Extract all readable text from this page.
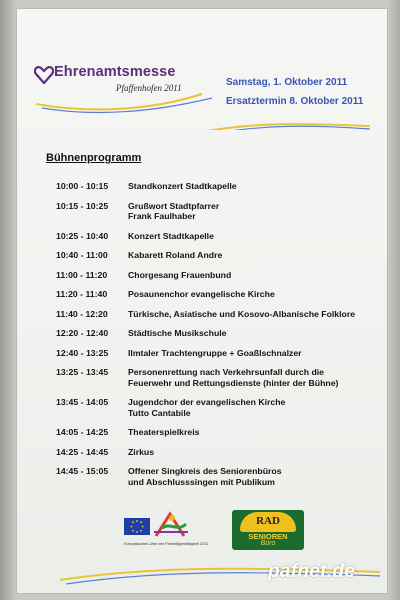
Ehrenamtsmesse
Pfaffenhofen 2011	Samstag, 1. Oktober 2011
Ersatztermin 8. Oktober 2011
Bühnenprogramm
10:00 - 10:15	Standkonzert Stadtkapelle
10:15 - 10:25	Grußwort Stadtpfarrer
Frank Faulhaber
10:25 - 10:40	Konzert Stadtkapelle
10:40 - 11:00	Kabarett Roland Andre
11:00 - 11:20	Chorgesang Frauenbund
11:20 - 11:40	Posaunenchor evangelische Kirche
11:40 - 12:20	Türkische, Asiatische und Kosovo-Albanische Folklore
12:20 - 12:40	Städtische Musikschule
12:40 - 13:25	Ilmtaler Trachtengruppe + Goaßlschnalzer
13:25 - 13:45	Personenrettung nach Verkehrsunfall durch die
Feuerwehr und Rettungsdienste (hinter der Bühne)
13:45 - 14:05	Jugendchor der evangelischen Kirche
Tutto Cantabile
14:05 - 14:25	Theaterspielkreis
14:25 - 14:45	Zirkus
14:45 - 15:05	Offener Singkreis des Seniorenbüros
und Abschlusssingen mit Publikum
Europäisches Jahr der Freiwilligentätigkeit 2011
RAD
SENIOREN
Büro
pafnet.de
